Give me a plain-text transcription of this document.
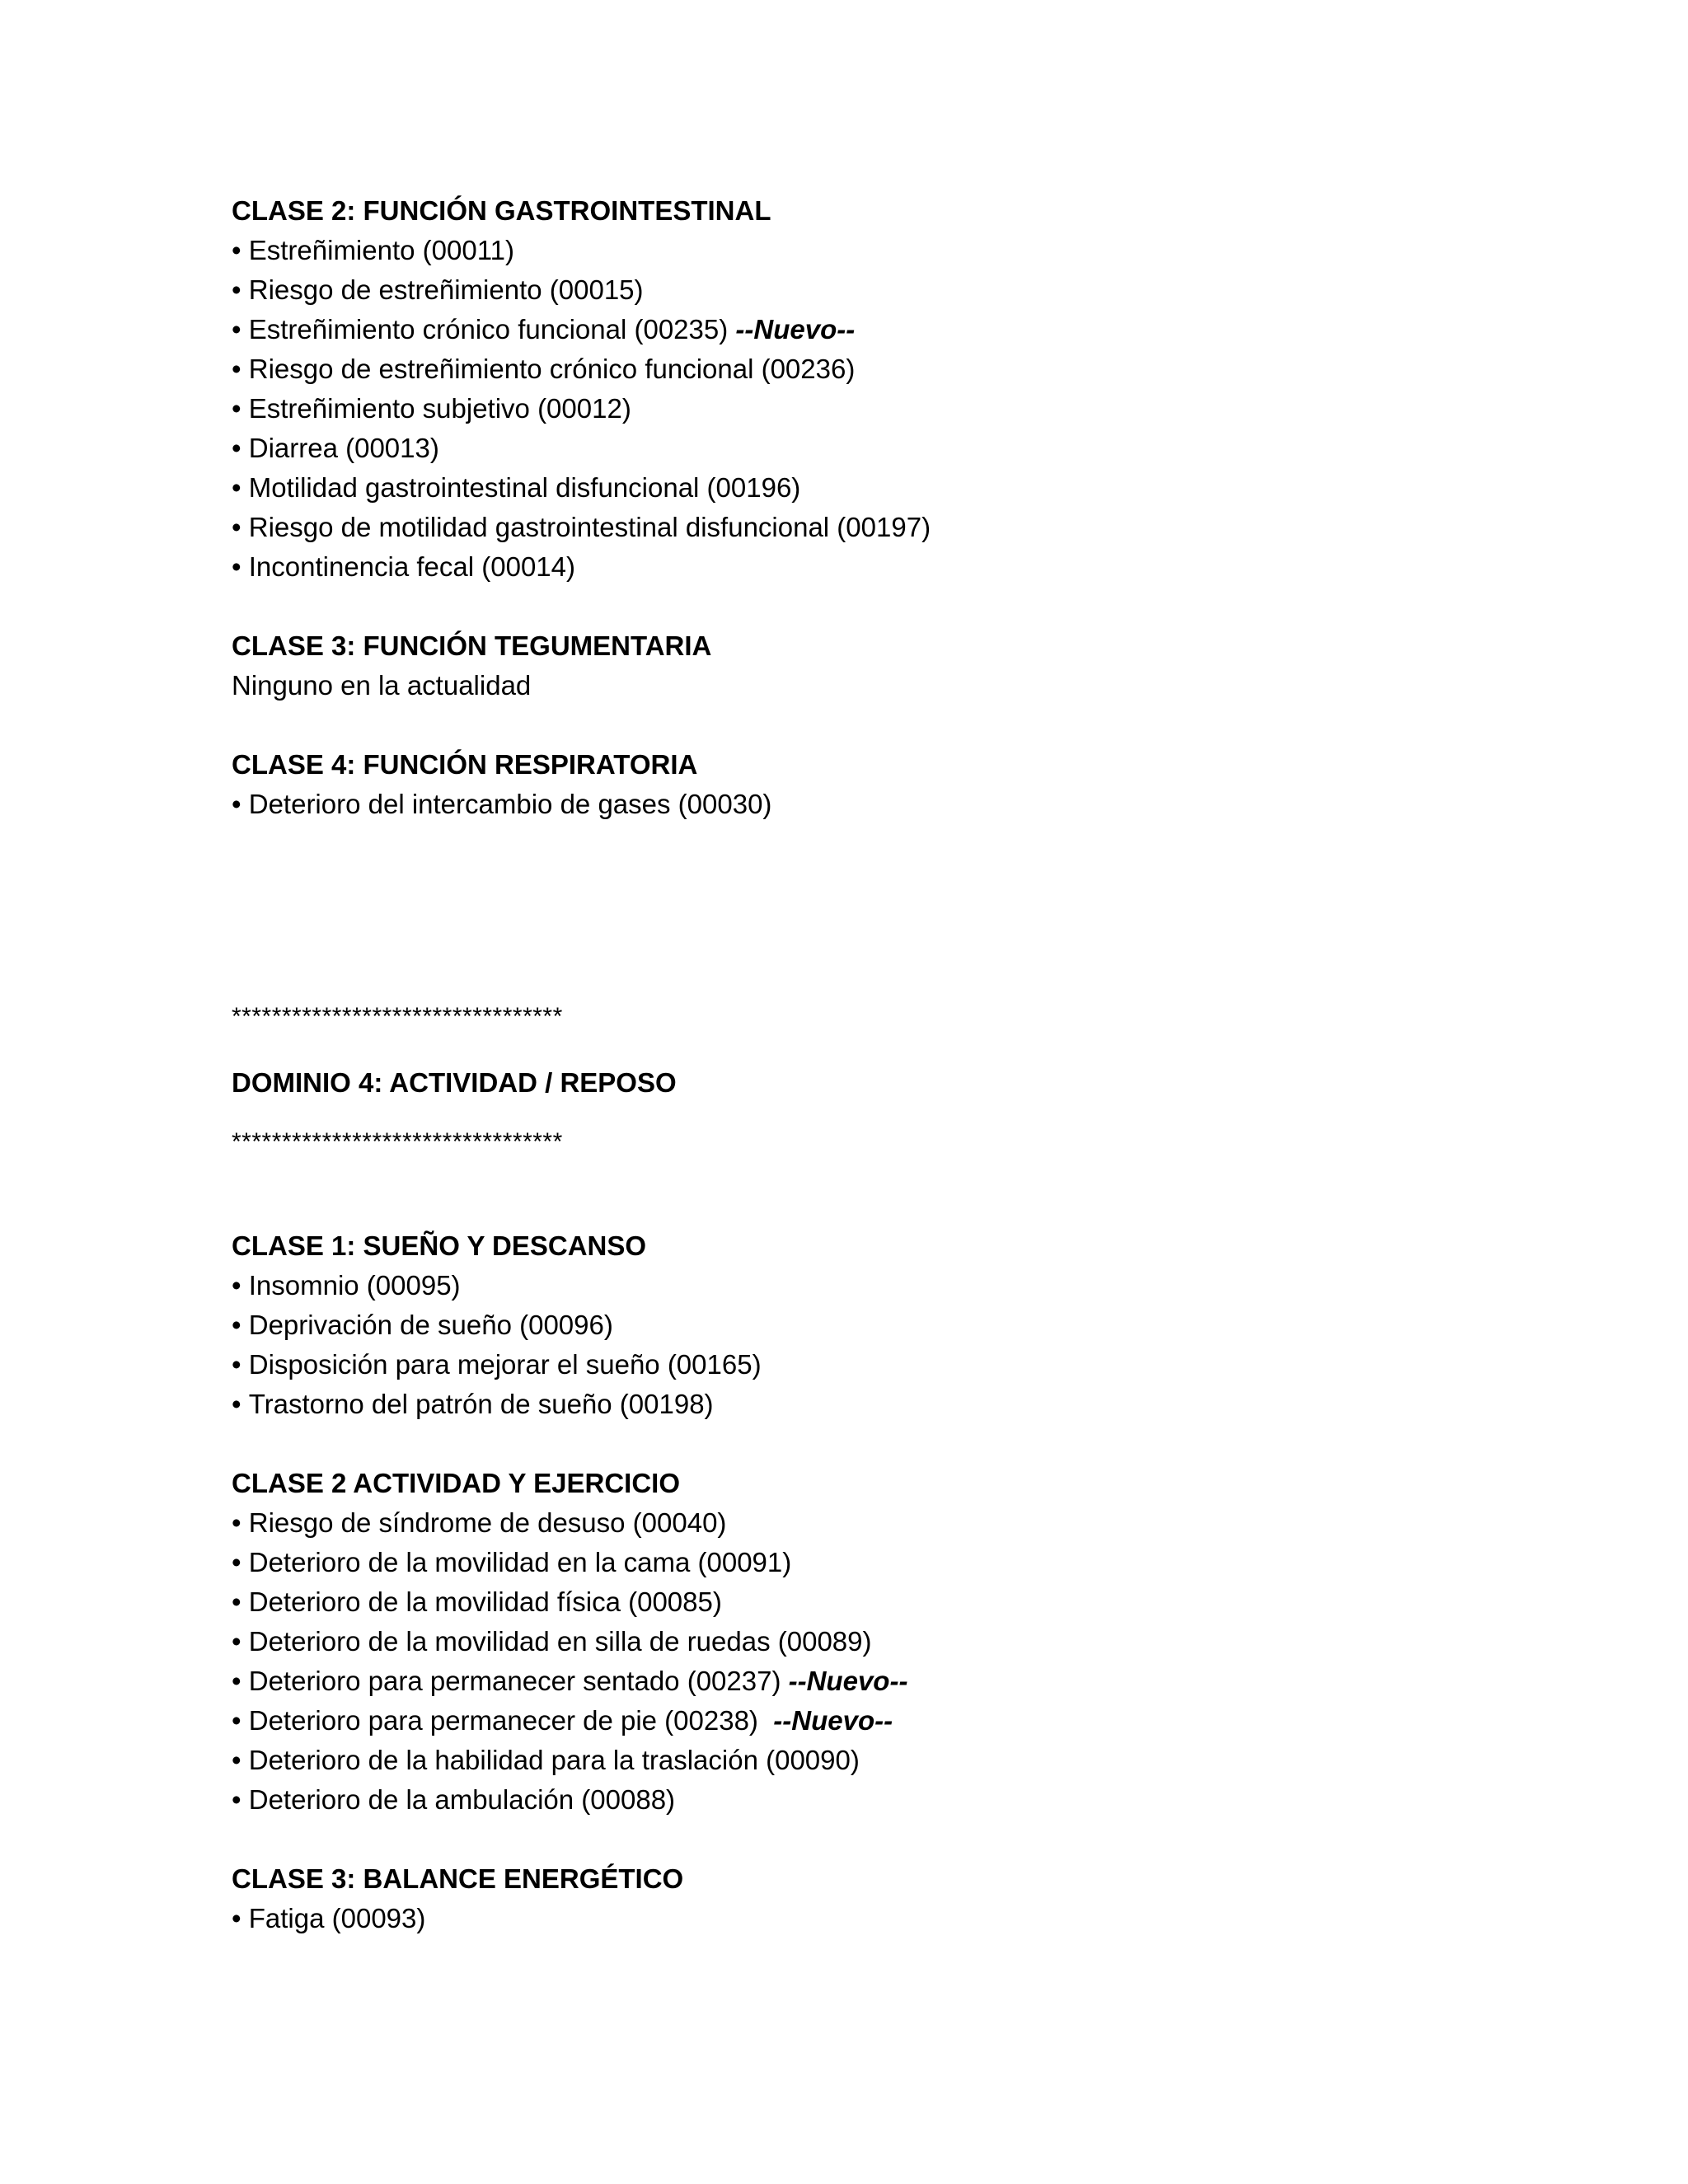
CLASE 2: FUNCIÓN GASTROINTESTINAL
• Estreñimiento (00011)
• Riesgo de estreñimiento (00015)
• Estreñimiento crónico funcional (00235) --Nuevo--
• Riesgo de estreñimiento crónico funcional (00236)
• Estreñimiento subjetivo (00012)
• Diarrea (00013)
• Motilidad gastrointestinal disfuncional (00196)
• Riesgo de motilidad gastrointestinal disfuncional (00197)
• Incontinencia fecal (00014)
CLASE 3: FUNCIÓN TEGUMENTARIA
Ninguno en la actualidad
CLASE 4: FUNCIÓN RESPIRATORIA
• Deterioro del intercambio de gases (00030)
*********************************
DOMINIO 4: ACTIVIDAD / REPOSO
*********************************
CLASE 1: SUEÑO Y DESCANSO
• Insomnio (00095)
• Deprivación de sueño (00096)
• Disposición para mejorar el sueño (00165)
• Trastorno del patrón de sueño (00198)
CLASE 2 ACTIVIDAD Y EJERCICIO
• Riesgo de síndrome de desuso (00040)
• Deterioro de la movilidad en la cama (00091)
• Deterioro de la movilidad física (00085)
• Deterioro de la movilidad en silla de ruedas (00089)
• Deterioro para permanecer sentado (00237) --Nuevo--
• Deterioro para permanecer de pie (00238) --Nuevo--
• Deterioro de la habilidad para la traslación (00090)
• Deterioro de la ambulación (00088)
CLASE 3: BALANCE ENERGÉTICO
• Fatiga (00093)
